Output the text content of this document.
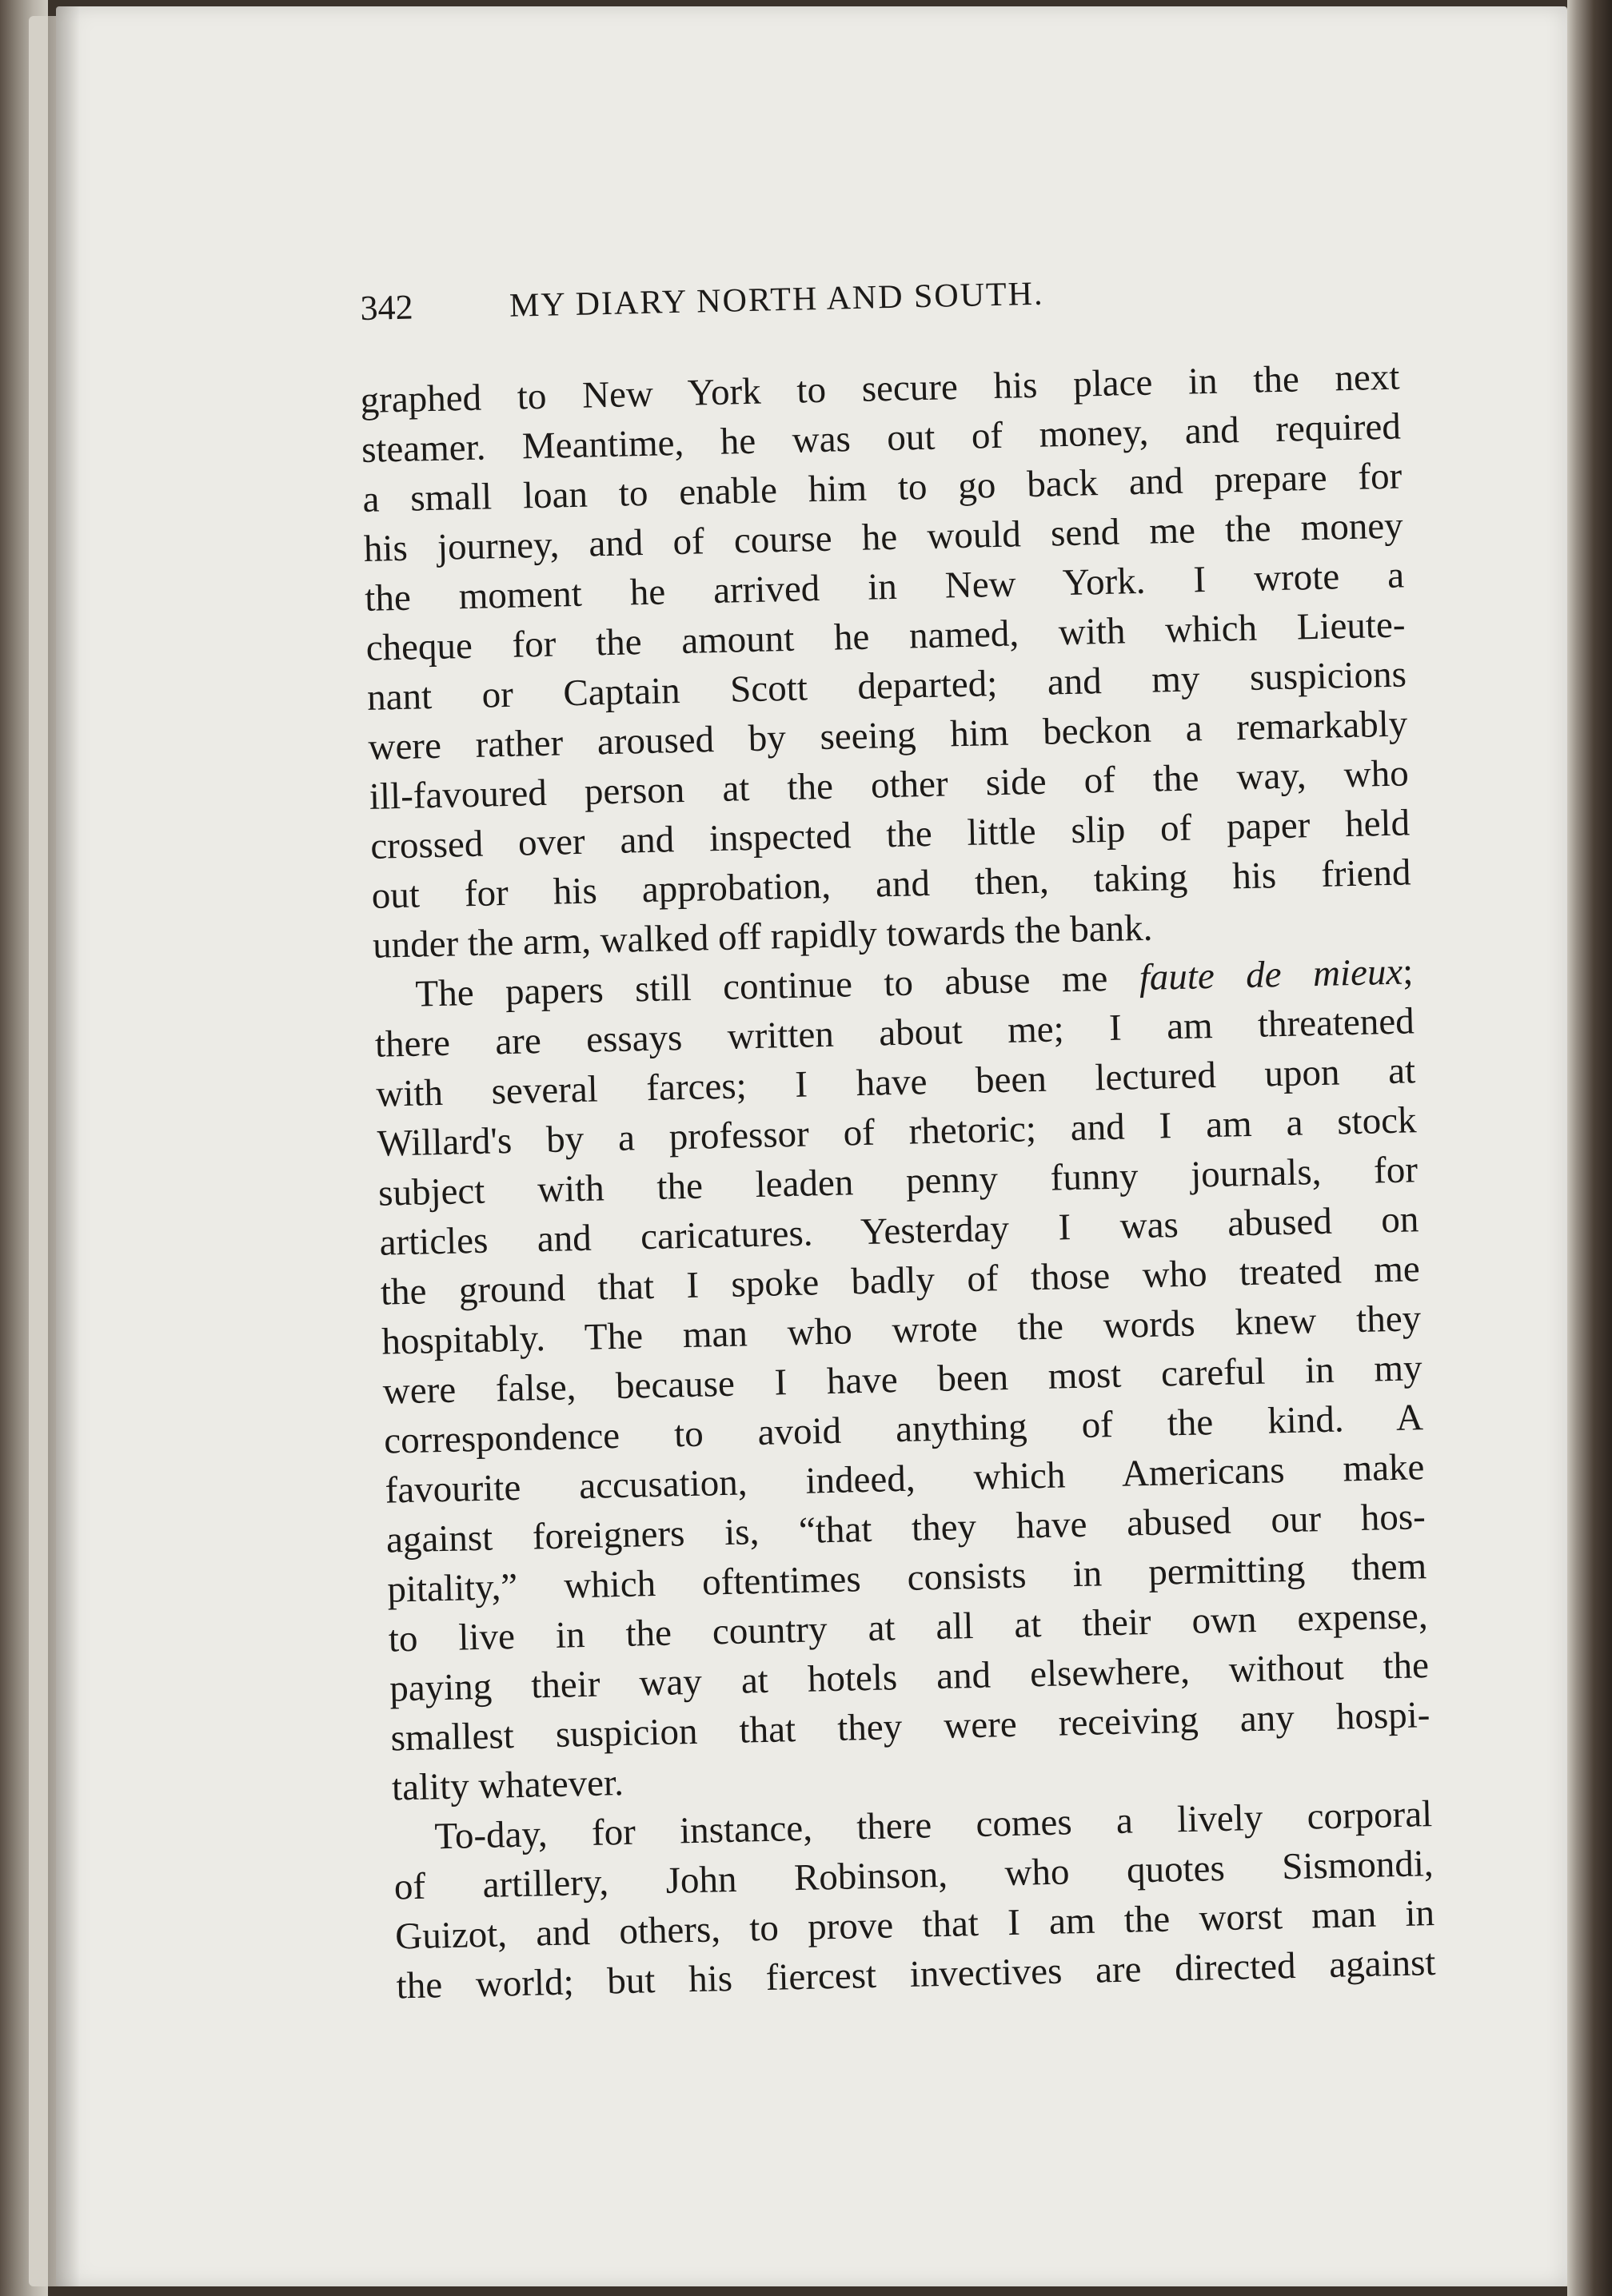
342	MY DIARY NORTH AND SOUTH.
graphed to New York to secure his place in the next
steamer. Meantime, he was out of money, and required
a small loan to enable him to go back and prepare for
his journey, and of course he would send me the money
the moment he arrived in New York. I wrote a
cheque for the amount he named, with which Lieute-
nant or Captain Scott departed; and my suspicions
were rather aroused by seeing him beckon a remarkably
ill-favoured person at the other side of the way, who
crossed over and inspected the little slip of paper held
out for his approbation, and then, taking his friend
under the arm, walked off rapidly towards the bank.
The papers still continue to abuse me faute de mieux;
there are essays written about me; I am threatened
with several farces; I have been lectured upon at
Willard's by a professor of rhetoric; and I am a stock
subject with the leaden penny funny journals, for
articles and caricatures. Yesterday I was abused on
the ground that I spoke badly of those who treated me
hospitably. The man who wrote the words knew they
were false, because I have been most careful in my
correspondence to avoid anything of the kind. A
favourite accusation, indeed, which Americans make
against foreigners is, “that they have abused our hos-
pitality,” which oftentimes consists in permitting them
to live in the country at all at their own expense,
paying their way at hotels and elsewhere, without the
smallest suspicion that they were receiving any hospi-
tality whatever.
To-day, for instance, there comes a lively corporal
of artillery, John Robinson, who quotes Sismondi,
Guizot, and others, to prove that I am the worst man in
the world; but his fiercest invectives are directed against
